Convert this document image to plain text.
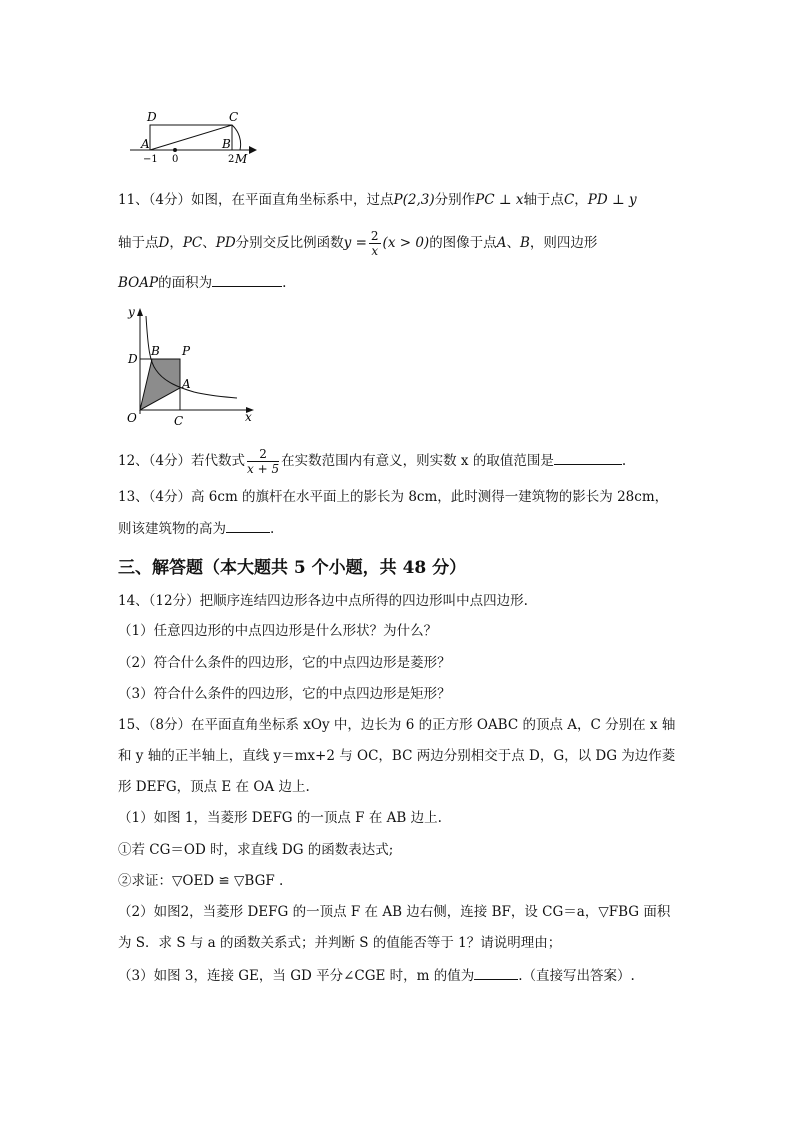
D	C
A	B
−1 0	2 M
11、（4分）如图，在平面直角坐标系中，过点P(2,3)分别作PC ⊥ x轴于点C，PD ⊥ y
轴于点D，PC、PD分别交反比例函数$y = \frac{2}{x} (x > 0)$的图像于点A、B，则四边形
BOAP的面积为	.
y
x
D
B P
A
O	C
12、（4分）若代数式 $\frac{2}{x + 5}$ 在实数范围内有意义，则实数 x 的取值范围是	.
13、（4分）高 6cm 的旗杆在水平面上的影长为 8cm，此时测得一建筑物的影长为 28cm，
则该建筑物的高为	.
三、解答题（本大题共 5 个小题，共 48 分）
14、（12分）把顺序连结四边形各边中点所得的四边形叫中点四边形.
（1）任意四边形的中点四边形是什么形状？为什么？
（2）符合什么条件的四边形，它的中点四边形是菱形？
（3）符合什么条件的四边形，它的中点四边形是矩形？
15、（8分）在平面直角坐标系 xOy 中，边长为 6 的正方形 OABC 的顶点 A，C 分别在 x 轴
和 y 轴的正半轴上，直线 y＝mx+2 与 OC，BC 两边分别相交于点 D，G，以 DG 为边作菱
形 DEFG，顶点 E 在 OA 边上.
（1）如图 1，当菱形 DEFG 的一顶点 F 在 AB 边上.
①若 CG＝OD 时，求直线 DG 的函数表达式;
②求证：▽OED ≌ ▽BGF .
（2）如图2，当菱形 DEFG 的一顶点 F 在 AB 边右侧，连接 BF，设 CG＝a，▽FBG 面积
为 S．求 S 与 a 的函数关系式；并判断 S 的值能否等于 1？请说明理由；
（3）如图 3，连接 GE，当 GD 平分∠CGE 时，m 的值为	.（直接写出答案）.
